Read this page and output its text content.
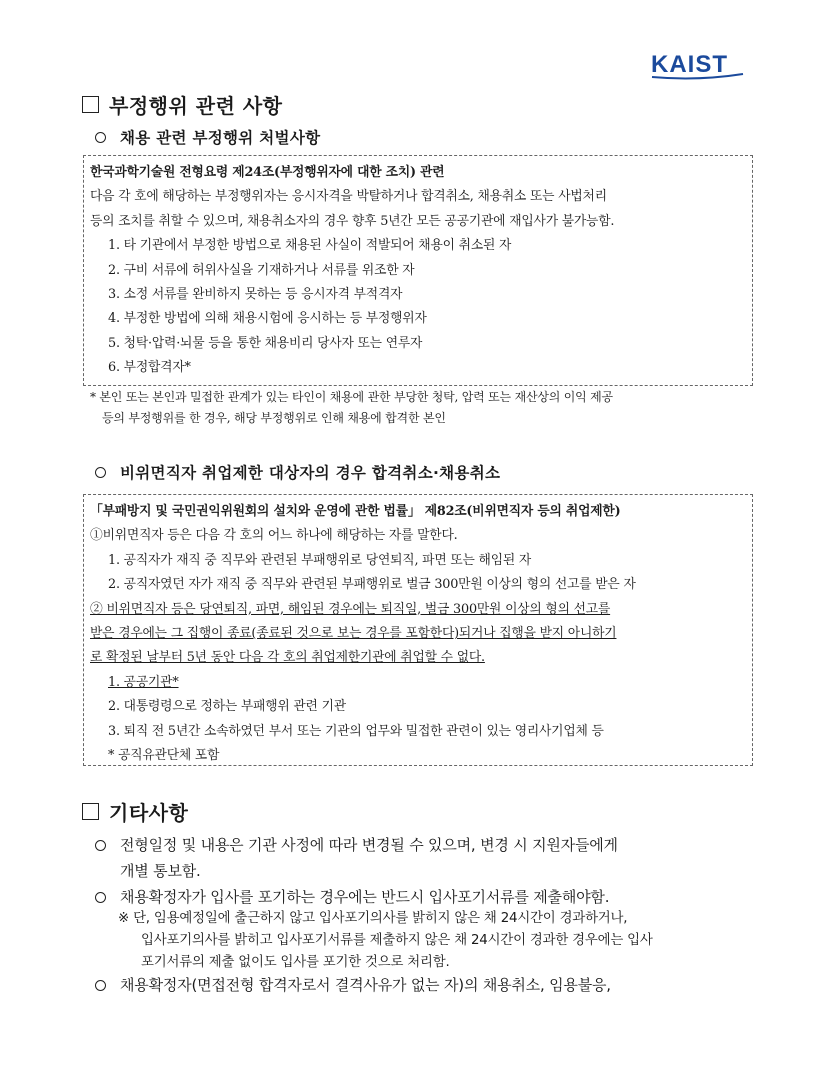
KAIST
부정행위 관련 사항
채용 관련 부정행위 처벌사항
한국과학기술원 전형요령 제24조(부정행위자에 대한 조치) 관련
다음 각 호에 해당하는 부정행위자는 응시자격을 박탈하거나 합격취소, 채용취소 또는 사법처리
등의 조치를 취할 수 있으며, 채용취소자의 경우 향후 5년간 모든 공공기관에 재입사가 불가능함.
1. 타 기관에서 부정한 방법으로 채용된 사실이 적발되어 채용이 취소된 자
2. 구비 서류에 허위사실을 기재하거나 서류를 위조한 자
3. 소정 서류를 완비하지 못하는 등 응시자격 부적격자
4. 부정한 방법에 의해 채용시험에 응시하는 등 부정행위자
5. 청탁·압력·뇌물 등을 통한 채용비리 당사자 또는 연루자
6. 부정합격자*
* 본인 또는 본인과 밀접한 관계가 있는 타인이 채용에 관한 부당한 청탁, 압력 또는 재산상의 이익 제공
등의 부정행위를 한 경우, 해당 부정행위로 인해 채용에 합격한 본인
비위면직자 취업제한 대상자의 경우 합격취소·채용취소
「부패방지 및 국민권익위원회의 설치와 운영에 관한 법률」 제82조(비위면직자 등의 취업제한)
①비위면직자 등은 다음 각 호의 어느 하나에 해당하는 자를 말한다.
1. 공직자가 재직 중 직무와 관련된 부패행위로 당연퇴직, 파면 또는 해임된 자
2. 공직자였던 자가 재직 중 직무와 관련된 부패행위로 벌금 300만원 이상의 형의 선고를 받은 자
② 비위면직자 등은 당연퇴직, 파면, 해임된 경우에는 퇴직일, 벌금 300만원 이상의 형의 선고를
받은 경우에는 그 집행이 종료(종료된 것으로 보는 경우를 포함한다)되거나 집행을 받지 아니하기
로 확정된 날부터 5년 동안 다음 각 호의 취업제한기관에 취업할 수 없다.
1. 공공기관*
2. 대통령령으로 정하는 부패행위 관련 기관
3. 퇴직 전 5년간 소속하였던 부서 또는 기관의 업무와 밀접한 관련이 있는 영리사기업체 등
* 공직유관단체 포함
기타사항
전형일정 및 내용은 기관 사정에 따라 변경될 수 있으며, 변경 시 지원자들에게
개별 통보함.
채용확정자가 입사를 포기하는 경우에는 반드시 입사포기서류를 제출해야함.
※ 단, 임용예정일에 출근하지 않고 입사포기의사를 밝히지 않은 채 24시간이 경과하거나,
입사포기의사를 밝히고 입사포기서류를 제출하지 않은 채 24시간이 경과한 경우에는 입사
포기서류의 제출 없이도 입사를 포기한 것으로 처리함.
채용확정자(면접전형 합격자로서 결격사유가 없는 자)의 채용취소, 임용불응,
